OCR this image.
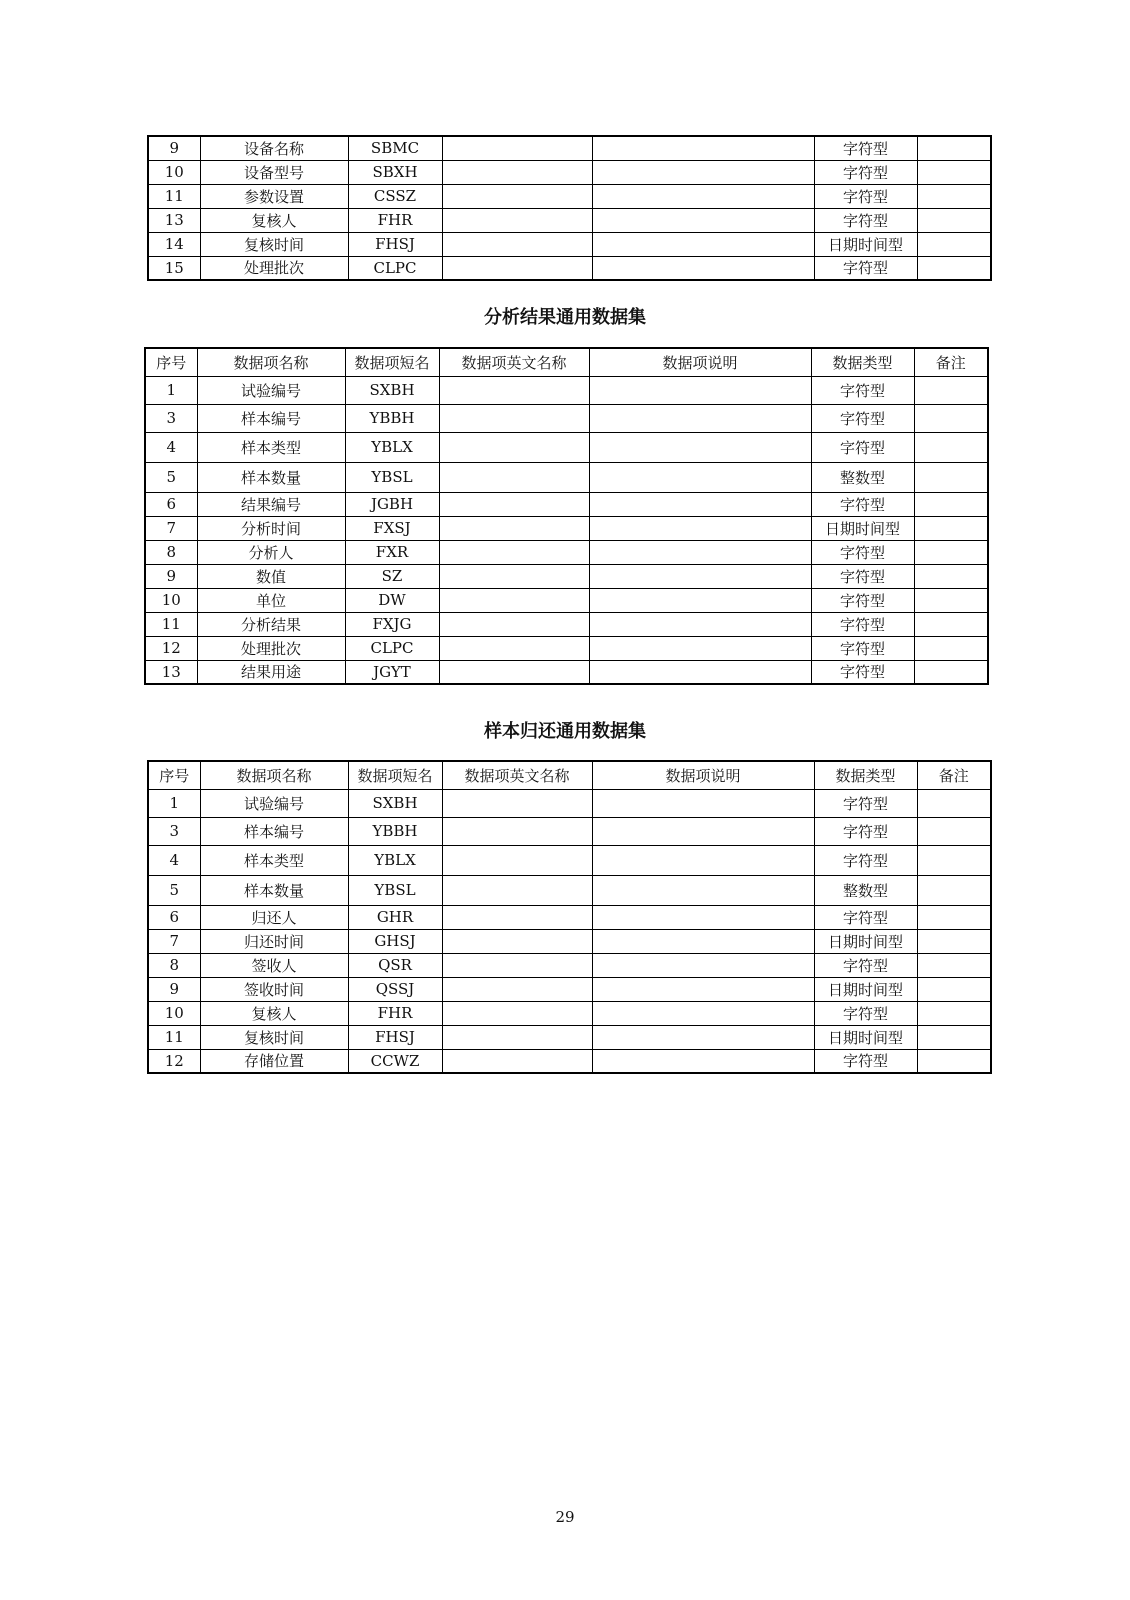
9	设备名称	SBMC			字符型	
10	设备型号	SBXH			字符型	
11	参数设置	CSSZ			字符型	
13	复核人	FHR			字符型	
14	复核时间	FHSJ			日期时间型	
15	处理批次	CLPC			字符型	
分析结果通用数据集
序号	数据项名称	数据项短名	数据项英文名称	数据项说明	数据类型	备注
1	试验编号	SXBH			字符型	
3	样本编号	YBBH			字符型	
4	样本类型	YBLX			字符型	
5	样本数量	YBSL			整数型	
6	结果编号	JGBH			字符型	
7	分析时间	FXSJ			日期时间型	
8	分析人	FXR			字符型	
9	数值	SZ			字符型	
10	单位	DW			字符型	
11	分析结果	FXJG			字符型	
12	处理批次	CLPC			字符型	
13	结果用途	JGYT			字符型	
样本归还通用数据集
序号	数据项名称	数据项短名	数据项英文名称	数据项说明	数据类型	备注
1	试验编号	SXBH			字符型	
3	样本编号	YBBH			字符型	
4	样本类型	YBLX			字符型	
5	样本数量	YBSL			整数型	
6	归还人	GHR			字符型	
7	归还时间	GHSJ			日期时间型	
8	签收人	QSR			字符型	
9	签收时间	QSSJ			日期时间型	
10	复核人	FHR			字符型	
11	复核时间	FHSJ			日期时间型	
12	存储位置	CCWZ			字符型	
29
